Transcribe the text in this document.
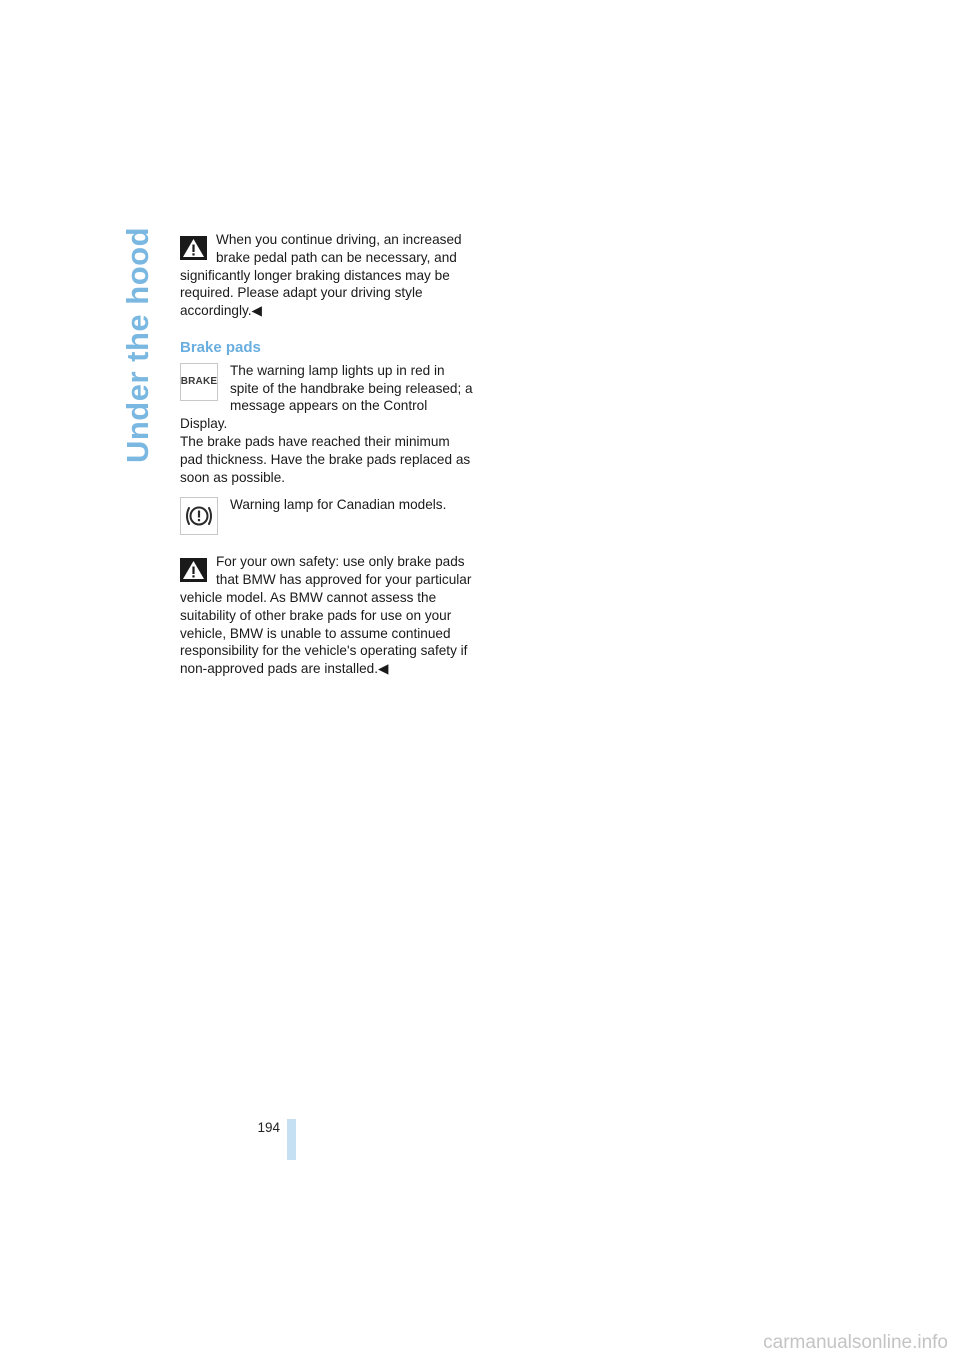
Under the hood	When you continue driving, an increased brake pedal path can be necessary, and significantly longer braking distances may be required. Please adapt your driving style accordingly.◀

Brake pads
BRAKE

The warning lamp lights up in red in spite of the handbrake being released; a message appears on the Control Display.

The brake pads have reached their minimum pad thickness. Have the brake pads replaced as soon as possible.

Warning lamp for Canadian models.

For your own safety: use only brake pads that BMW has approved for your particular vehicle model. As BMW cannot assess the suitability of other brake pads for use on your vehicle, BMW is unable to assume continued responsibility for the vehicle's operating safety if non-approved pads are installed.◀

194
carmanualsonline.info
